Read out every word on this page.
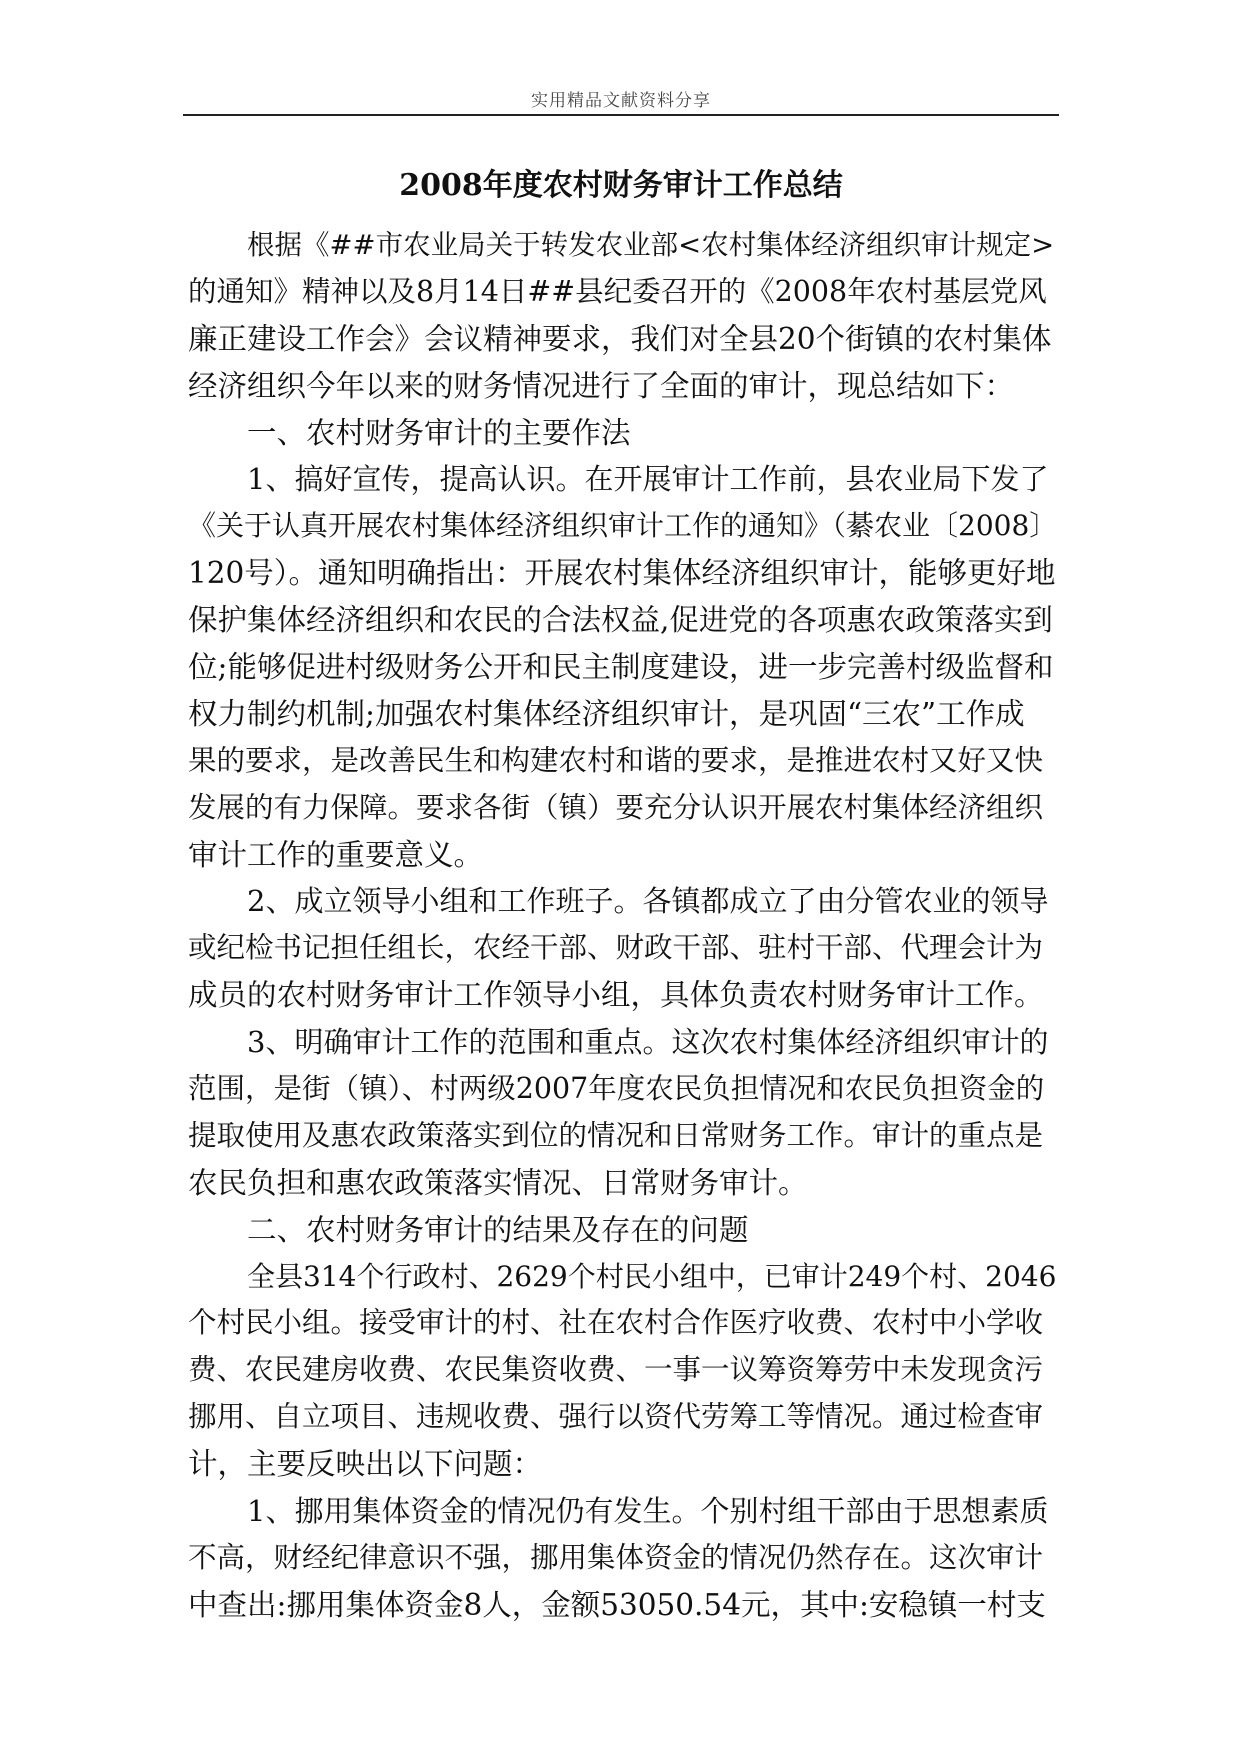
实用精品文献资料分享
2008年度农村财务审计工作总结
根据《##市农业局关于转发农业部<农村集体经济组织审计规定>
的通知》精神以及8月14日##县纪委召开的《2008年农村基层党风
廉正建设工作会》会议精神要求，我们对全县20个街镇的农村集体
经济组织今年以来的财务情况进行了全面的审计，现总结如下：
一、农村财务审计的主要作法
1、搞好宣传，提高认识。在开展审计工作前，县农业局下发了
《关于认真开展农村集体经济组织审计工作的通知》（綦农业〔2008〕
120号）。通知明确指出：开展农村集体经济组织审计，能够更好地
保护集体经济组织和农民的合法权益,促进党的各项惠农政策落实到
位;能够促进村级财务公开和民主制度建设，进一步完善村级监督和
权力制约机制;加强农村集体经济组织审计，是巩固“三农”工作成
果的要求，是改善民生和构建农村和谐的要求，是推进农村又好又快
发展的有力保障。要求各街（镇）要充分认识开展农村集体经济组织
审计工作的重要意义。
2、成立领导小组和工作班子。各镇都成立了由分管农业的领导
或纪检书记担任组长，农经干部、财政干部、驻村干部、代理会计为
成员的农村财务审计工作领导小组，具体负责农村财务审计工作。
3、明确审计工作的范围和重点。这次农村集体经济组织审计的
范围，是街（镇）、村两级2007年度农民负担情况和农民负担资金的
提取使用及惠农政策落实到位的情况和日常财务工作。审计的重点是
农民负担和惠农政策落实情况、日常财务审计。
二、农村财务审计的结果及存在的问题
全县314个行政村、2629个村民小组中，已审计249个村、2046
个村民小组。接受审计的村、社在农村合作医疗收费、农村中小学收
费、农民建房收费、农民集资收费、一事一议筹资筹劳中未发现贪污
挪用、自立项目、违规收费、强行以资代劳筹工等情况。通过检查审
计，主要反映出以下问题：
1、挪用集体资金的情况仍有发生。个别村组干部由于思想素质
不高，财经纪律意识不强，挪用集体资金的情况仍然存在。这次审计
中查出:挪用集体资金8人，金额53050.54元，其中:安稳镇一村支
